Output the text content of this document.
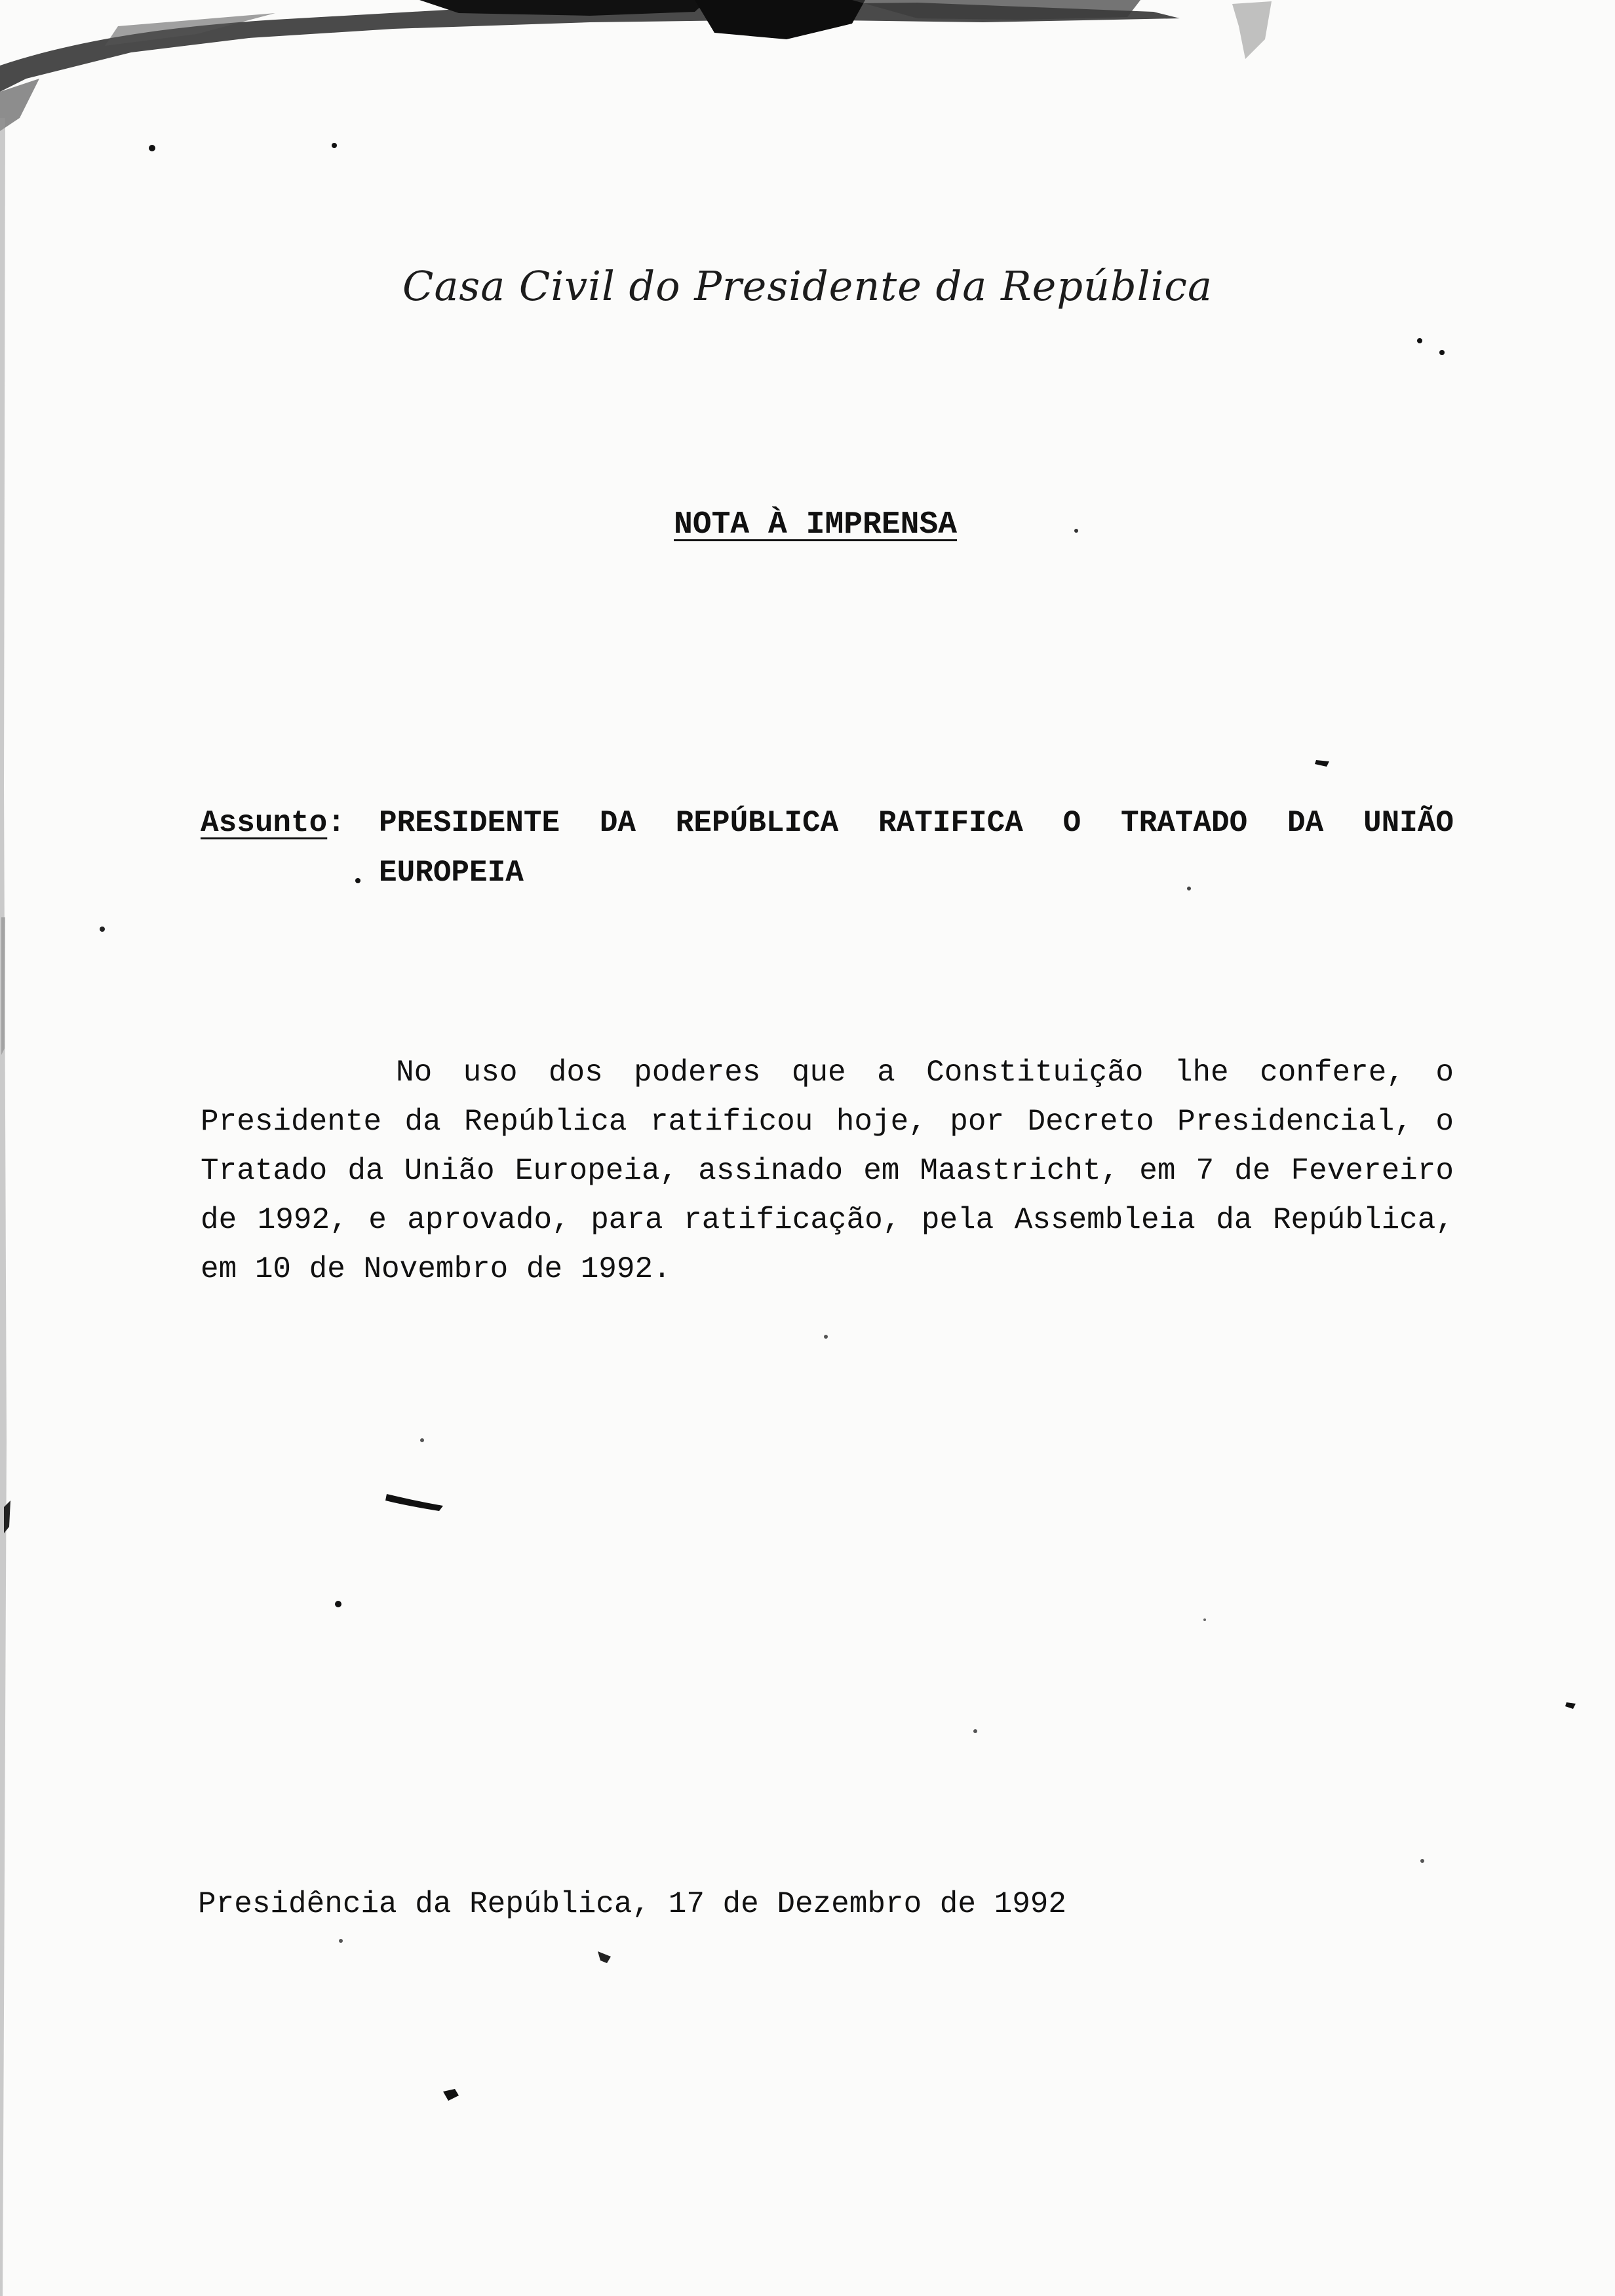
Casa Civil do Presidente da República
NOTA À IMPRENSA
Assunto:	PRESIDENTE DA REPÚBLICA RATIFICA O TRATADO DA UNIÃO EUROPEIA

No uso dos poderes que a Constituição lhe confere, o Presidente da República ratificou hoje, por Decreto Presidencial, o Tratado da União Europeia, assinado em Maastricht, em 7 de Fevereiro de 1992, e aprovado, para ratificação, pela Assembleia da República, em 10 de Novembro de 1992.

Presidência da República, 17 de Dezembro de 1992
